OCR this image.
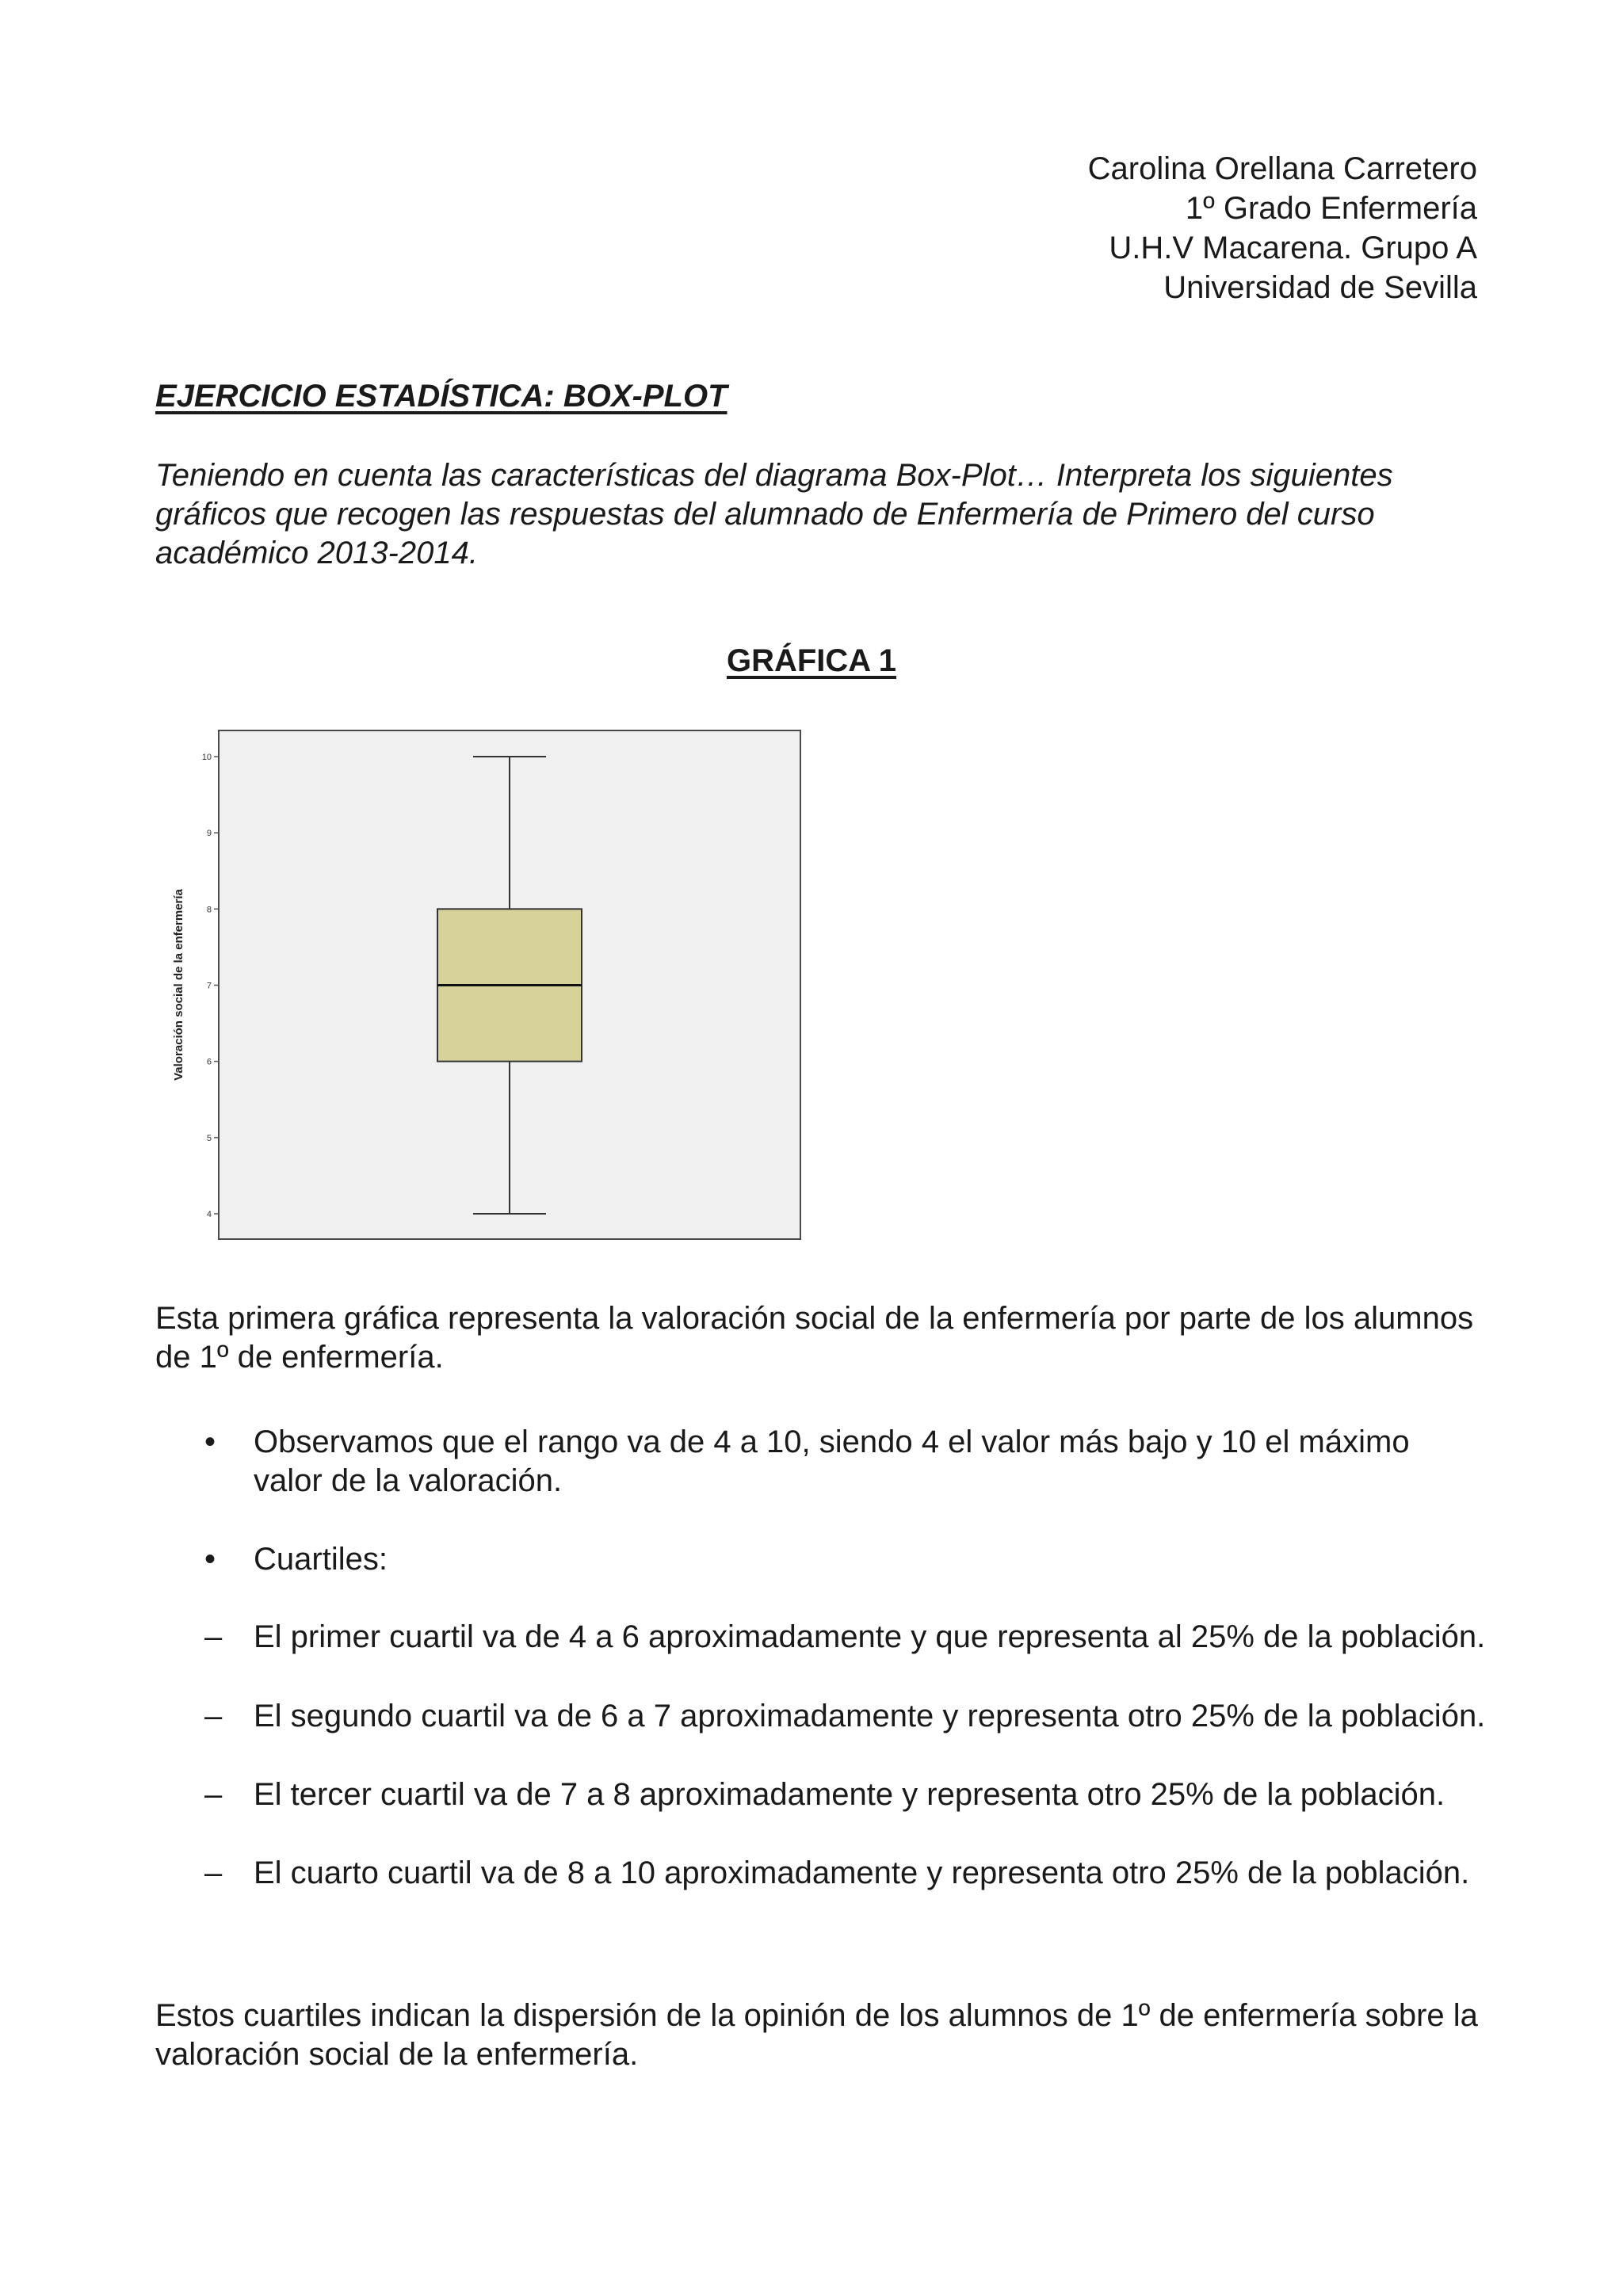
Carolina Orellana Carretero
1º Grado Enfermería
U.H.V Macarena. Grupo A
Universidad de Sevilla
EJERCICIO ESTADÍSTICA: BOX-PLOT
Teniendo en cuenta las características del diagrama Box-Plot… Interpreta los siguientes gráficos que recogen las respuestas del alumnado de Enfermería de Primero del curso académico 2013-2014.
GRÁFICA 1
Valoración social de la enfermería
4
5
6
7
8
9
10
Esta primera gráfica representa la valoración social de la enfermería por parte de los alumnos de 1º de enfermería.
• Observamos que el rango va de 4 a 10, siendo 4 el valor más bajo y 10 el máximo valor de la valoración.
• Cuartiles:
– El primer cuartil va de 4 a 6 aproximadamente y que representa al 25% de la población.
– El segundo cuartil va de 6 a 7 aproximadamente y representa otro 25% de la población.
– El tercer cuartil va de 7 a 8 aproximadamente y representa otro 25% de la población.
– El cuarto cuartil va de 8 a 10 aproximadamente y representa otro 25% de la población.
Estos cuartiles indican la dispersión de la opinión de los alumnos de 1º de enfermería sobre la valoración social de la enfermería.
